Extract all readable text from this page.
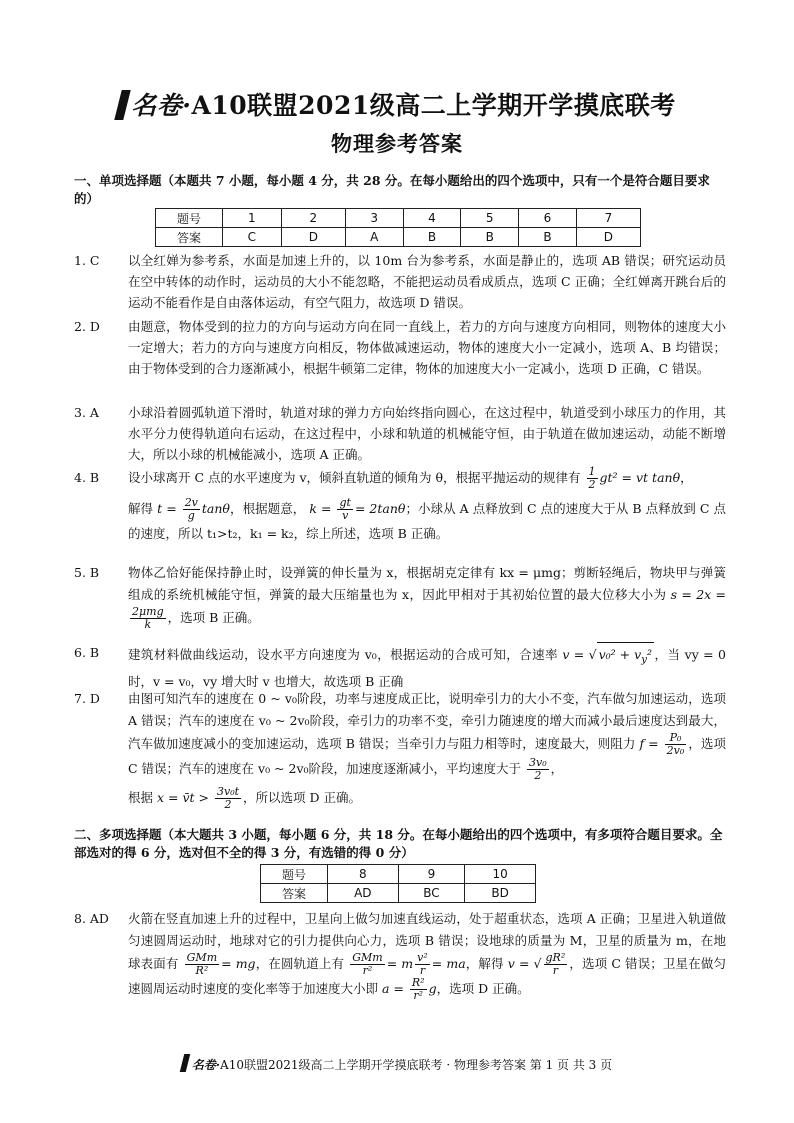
名卷·A10联盟2021级高二上学期开学摸底联考
物理参考答案
一、单项选择题（本题共 7 小题，每小题 4 分，共 28 分。在每小题给出的四个选项中，只有一个是符合题目要求的）
题号	1	2	3	4	5	6	7
答案	C	D	A	B	B	B	D
1. C	以全红婵为参考系，水面是加速上升的，以 10m 台为参考系，水面是静止的，选项 AB 错误；研究运动员在空中转体的动作时，运动员的大小不能忽略，不能把运动员看成质点，选项 C 正确；全红婵离开跳台后的运动不能看作是自由落体运动，有空气阻力，故选项 D 错误。

2. D	由题意，物体受到的拉力的方向与运动方向在同一直线上，若力的方向与速度方向相同，则物体的速度大小一定增大；若力的方向与速度方向相反，物体做减速运动，物体的速度大小一定减小，选项 A、B 均错误；由于物体受到的合力逐渐减小，根据牛顿第二定律，物体的加速度大小一定减小，选项 D 正确，C 错误。

3. A	小球沿着圆弧轨道下滑时，轨道对球的弹力方向始终指向圆心，在这过程中，轨道受到小球压力的作用，其水平分力使得轨道向右运动，在这过程中，小球和轨道的机械能守恒，由于轨道在做加速运动，动能不断增大，所以小球的机械能减小，选项 A 正确。

4. B	设小球离开 C 点的水平速度为 v，倾斜直轨道的倾角为 θ，根据平抛运动的规律有 $\frac{1}{2} gt^2$ = vt tanθ，

解得 $t = \frac{2v}{g}$ tanθ，根据题意， $k = \frac{gt}{v} = 2\tan\theta$；小球从 A 点释放到 C 点的速度大于从 B 点释放到 C 点的速度，所以 t₁>t₂，k₁ = k₂，综上所述，选项 B 正确。

5. B	物体乙恰好能保持静止时，设弹簧的伸长量为 x，根据胡克定律有 kx = μmg；剪断轻绳后，物块甲与弹簧组成的系统机械能守恒，弹簧的最大压缩量也为 x，因此甲相对于其初始位置的最大位移大小为 s = 2x =
$\frac{\text{2μmg}}{k}$ ，选项 B 正确。

6. B	建筑材料做曲线运动，设水平方向速度为 v₀，根据运动的合成可知，合速率 v = √ $v_0^2 + v_y^2$ ，当 vy = 0 时，v = v₀，vy 增大时 v 也增大，故选项 B 正确

7. D	由图可知汽车的速度在 0 ~ v₀阶段，功率与速度成正比，说明牵引力的大小不变，汽车做匀加速运动，选项 A 错误；汽车的速度在 v₀ ~ 2v₀阶段，牵引力的功率不变，牵引力随速度的增大而减小最后速度达到最大，汽车做加速度减小的变加速运动，选项 B 错误；当牵引力与阻力相等时，速度最大，则阻力 $f = \frac{\text{P₀}}{\text{2v₀}}$ ，选项 C 错误；汽车的速度在 v₀ ~ 2v₀阶段，加速度逐渐减小，平均速度大于 $\frac{\text{3v₀}}{2}$ ，

根据 x = v̄t > $\frac{\text{3v₀t}}{2}$ ，所以选项 D 正确。

二、多项选择题（本大题共 3 小题，每小题 6 分，共 18 分。在每小题给出的四个选项中，有多项符合题目要求。全部选对的得 6 分，选对但不全的得 3 分，有选错的得 0 分）
题号	8	9	10
答案	AD	BC	BD
8. AD	火箭在竖直加速上升的过程中，卫星向上做匀加速直线运动，处于超重状态，选项 A 正确；卫星进入轨道做匀速圆周运动时，地球对它的引力提供向心力，选项 B 错误；设地球的质量为 M，卫星的质量为 m，在地球表面有 $\frac{\text{GMm}}{\text{R²}}$ = mg，在圆轨道上有 $\frac{\text{GMm}}{\text{r²}} = m \frac{\text{v²}}{r}$ = ma，解得 v = √ $\frac{\text{gR²}}{r}$ ，选项 C 错误；卫星在做匀速圆周运动时速度的变化率等于加速度大小即 $a = \frac{\text{R²}}{\text{r²}}$ g，选项 D 正确。

名卷·A10联盟2021级高二上学期开学摸底联考 · 物理参考答案 第 1 页 共 3 页
